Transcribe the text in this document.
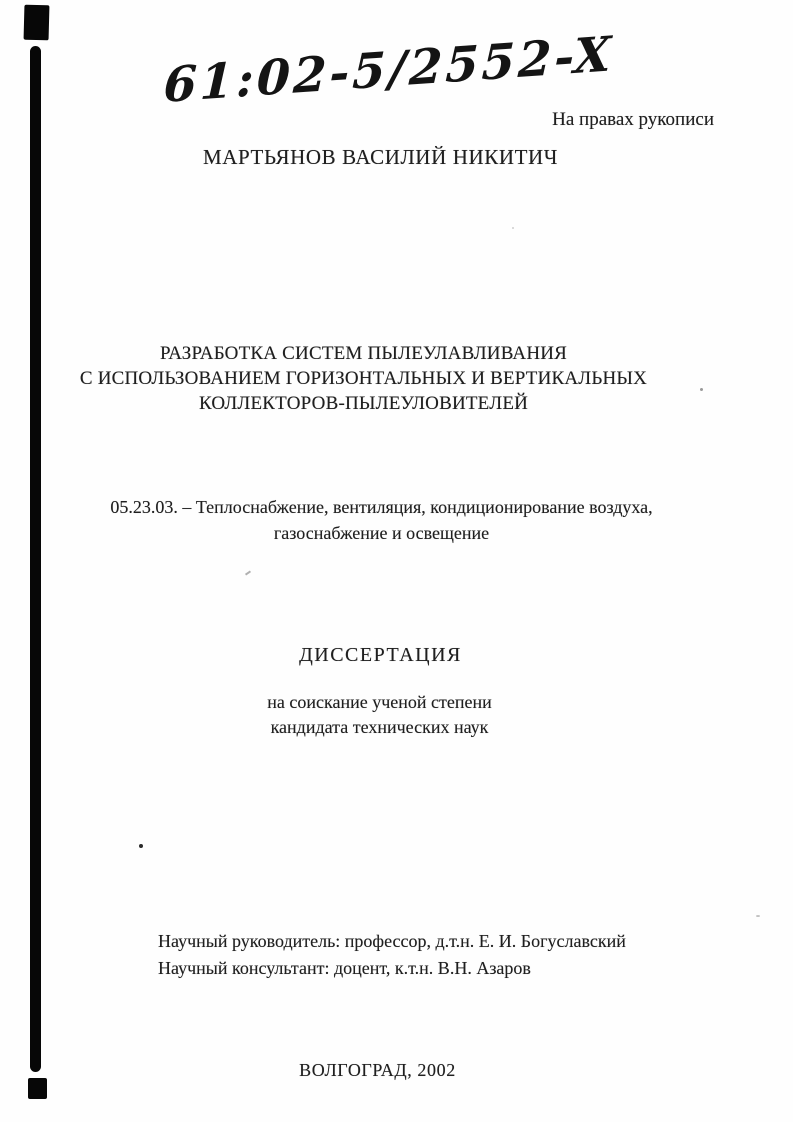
61:02-5/2552-X
На правах рукописи
МАРТЬЯНОВ ВАСИЛИЙ НИКИТИЧ
РАЗРАБОТКА СИСТЕМ ПЫЛЕУЛАВЛИВАНИЯ
С ИСПОЛЬЗОВАНИЕМ ГОРИЗОНТАЛЬНЫХ И ВЕРТИКАЛЬНЫХ
КОЛЛЕКТОРОВ-ПЫЛЕУЛОВИТЕЛЕЙ
05.23.03. – Теплоснабжение, вентиляция, кондиционирование воздуха,
газоснабжение и освещение
ДИССЕРТАЦИЯ
на соискание ученой степени
кандидата технических наук
Научный руководитель: профессор, д.т.н. Е. И. Богуславский
Научный консультант: доцент, к.т.н. В.Н. Азаров
ВОЛГОГРАД, 2002
